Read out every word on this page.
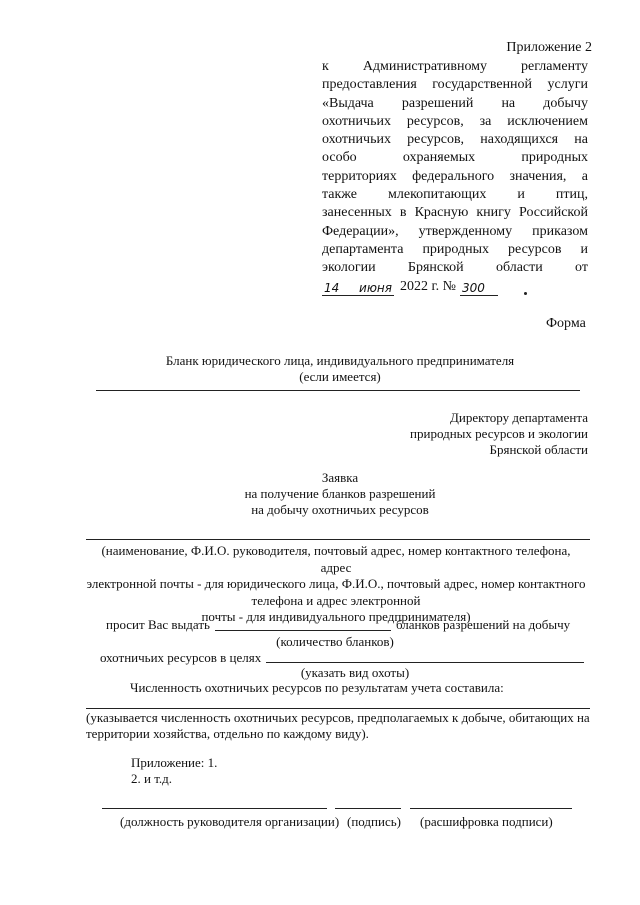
Приложение 2
к Административному регламенту
предоставления государственной услуги
«Выдача разрешений на добычу
охотничьих ресурсов, за исключением
охотничьих ресурсов, находящихся на
особо	охраняемых	природных
территориях федерального значения, а
также млекопитающих и птиц,
занесенных в Красную книгу Российской
Федерации», утвержденному приказом
департамента природных ресурсов и
экологии Брянской области от
14 июня 2022 г. № 300
Форма
Бланк юридического лица, индивидуального предпринимателя
(если имеется)
Директору департамента
природных ресурсов и экологии
Брянской области
Заявка
на получение бланков разрешений
на добычу охотничьих ресурсов
(наименование, Ф.И.О. руководителя, почтовый адрес, номер контактного телефона, адрес
электронной почты - для юридического лица, Ф.И.О., почтовый адрес, номер контактного
телефона и адрес электронной
почты - для индивидуального предпринимателя)
просит Вас выдать	бланков разрешений на добычу
(количество бланков)
охотничьих ресурсов в целях
(указать вид охоты)
Численность охотничьих ресурсов по результатам учета составила:
(указывается численность охотничьих ресурсов, предполагаемых к добыче, обитающих на
территории хозяйства, отдельно по каждому виду).
Приложение: 1.
2. и т.д.
(должность руководителя организации) (подпись) (расшифровка подписи)
